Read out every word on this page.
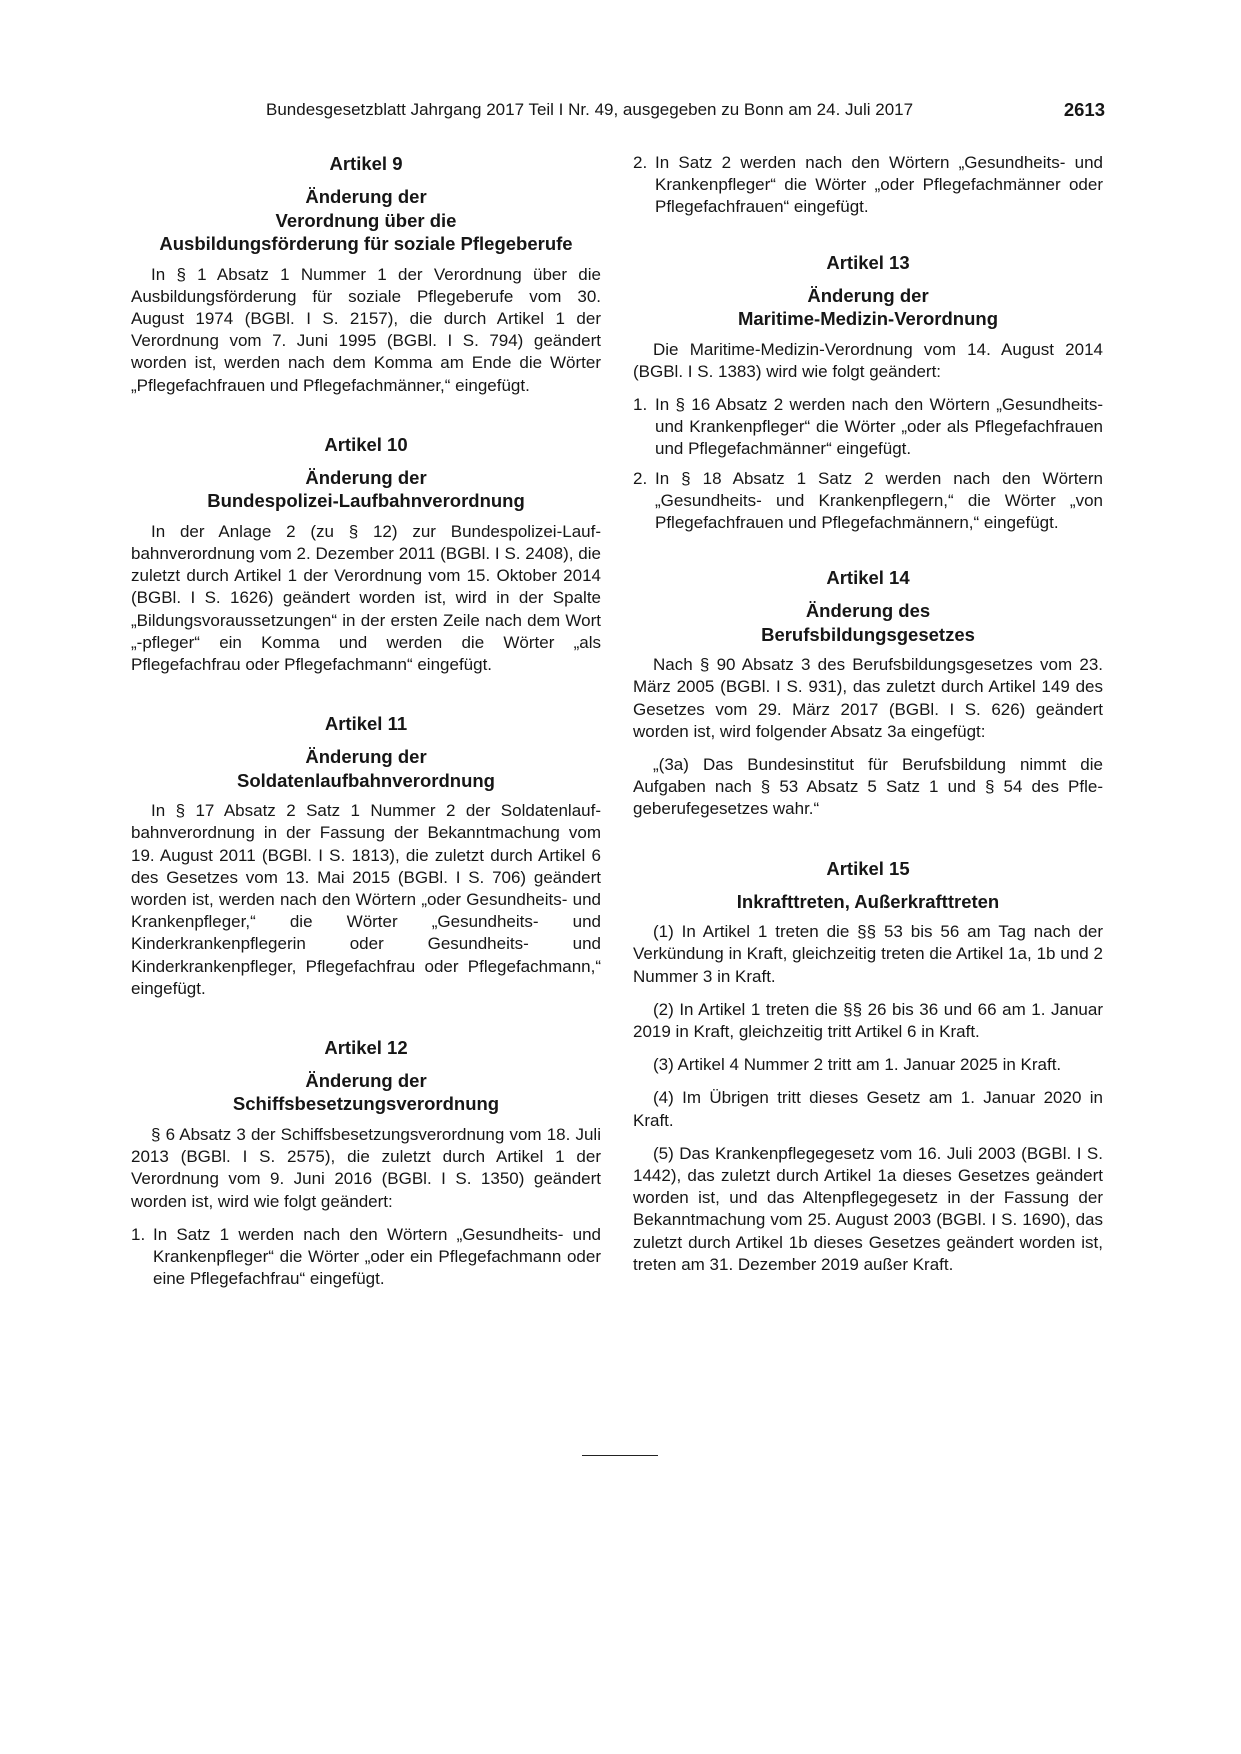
Bundesgesetzblatt Jahrgang 2017 Teil I Nr. 49, ausgegeben zu Bonn am 24. Juli 2017	2613
Artikel 9
Änderung der
Verordnung über die
Ausbildungsförderung für soziale Pflegeberufe

In § 1 Absatz 1 Nummer 1 der Verordnung über die Ausbildungsförderung für soziale Pflegeberufe vom 30. August 1974 (BGBl. I S. 2157), die durch Artikel 1 der Verordnung vom 7. Juni 1995 (BGBl. I S. 794) geändert worden ist, werden nach dem Komma am Ende die Wörter „Pflegefachfrauen und Pflegefachmänner,“ eingefügt.

Artikel 10
Änderung der
Bundespolizei-Laufbahnverordnung

In der Anlage 2 (zu § 12) zur Bundespolizei-Laufbahnverordnung vom 2. Dezember 2011 (BGBl. I S. 2408), die zuletzt durch Artikel 1 der Verordnung vom 15. Oktober 2014 (BGBl. I S. 1626) geändert worden ist, wird in der Spalte „Bildungsvoraussetzungen“ in der ersten Zeile nach dem Wort „-pfleger“ ein Komma und werden die Wörter „als Pflegefachfrau oder Pflegefachmann“ eingefügt.

Artikel 11
Änderung der
Soldatenlaufbahnverordnung

In § 17 Absatz 2 Satz 1 Nummer 2 der Soldatenlaufbahnverordnung in der Fassung der Bekanntmachung vom 19. August 2011 (BGBl. I S. 1813), die zuletzt durch Artikel 6 des Gesetzes vom 13. Mai 2015 (BGBl. I S. 706) geändert worden ist, werden nach den Wörtern „oder Gesundheits- und Krankenpfleger,“ die Wörter „Gesundheits- und Kinderkrankenpflegerin oder Gesundheits- und Kinderkrankenpfleger, Pflegefachfrau oder Pflegefachmann,“ eingefügt.

Artikel 12
Änderung der
Schiffsbesetzungsverordnung

§ 6 Absatz 3 der Schiffsbesetzungsverordnung vom 18. Juli 2013 (BGBl. I S. 2575), die zuletzt durch Artikel 1 der Verordnung vom 9. Juni 2016 (BGBl. I S. 1350) geändert worden ist, wird wie folgt geändert:

1. In Satz 1 werden nach den Wörtern „Gesundheits- und Krankenpfleger“ die Wörter „oder ein Pflegefachmann oder eine Pflegefachfrau“ eingefügt.
2. In Satz 2 werden nach den Wörtern „Gesundheits- und Krankenpfleger“ die Wörter „oder Pflegefachmänner oder Pflegefachfrauen“ eingefügt.
Artikel 13
Änderung der
Maritime-Medizin-Verordnung

Die Maritime-Medizin-Verordnung vom 14. August 2014 (BGBl. I S. 1383) wird wie folgt geändert:

1. In § 16 Absatz 2 werden nach den Wörtern „Gesundheits- und Krankenpfleger“ die Wörter „oder als Pflegefachfrauen und Pflegefachmänner“ eingefügt.
2. In § 18 Absatz 1 Satz 2 werden nach den Wörtern „Gesundheits- und Krankenpflegern,“ die Wörter „von Pflegefachfrauen und Pflegefachmännern,“ eingefügt.
Artikel 14
Änderung des
Berufsbildungsgesetzes

Nach § 90 Absatz 3 des Berufsbildungsgesetzes vom 23. März 2005 (BGBl. I S. 931), das zuletzt durch Artikel 149 des Gesetzes vom 29. März 2017 (BGBl. I S. 626) geändert worden ist, wird folgender Absatz 3a eingefügt:

„(3a) Das Bundesinstitut für Berufsbildung nimmt die Aufgaben nach § 53 Absatz 5 Satz 1 und § 54 des Pflegeberufegesetzes wahr.“

Artikel 15
Inkrafttreten, Außerkrafttreten

(1) In Artikel 1 treten die §§ 53 bis 56 am Tag nach der Verkündung in Kraft, gleichzeitig treten die Artikel 1a, 1b und 2 Nummer 3 in Kraft.

(2) In Artikel 1 treten die §§ 26 bis 36 und 66 am 1. Januar 2019 in Kraft, gleichzeitig tritt Artikel 6 in Kraft.

(3) Artikel 4 Nummer 2 tritt am 1. Januar 2025 in Kraft.

(4) Im Übrigen tritt dieses Gesetz am 1. Januar 2020 in Kraft.

(5) Das Krankenpflegegesetz vom 16. Juli 2003 (BGBl. I S. 1442), das zuletzt durch Artikel 1a dieses Gesetzes geändert worden ist, und das Altenpflegegesetz in der Fassung der Bekanntmachung vom 25. August 2003 (BGBl. I S. 1690), das zuletzt durch Artikel 1b dieses Gesetzes geändert worden ist, treten am 31. Dezember 2019 außer Kraft.
